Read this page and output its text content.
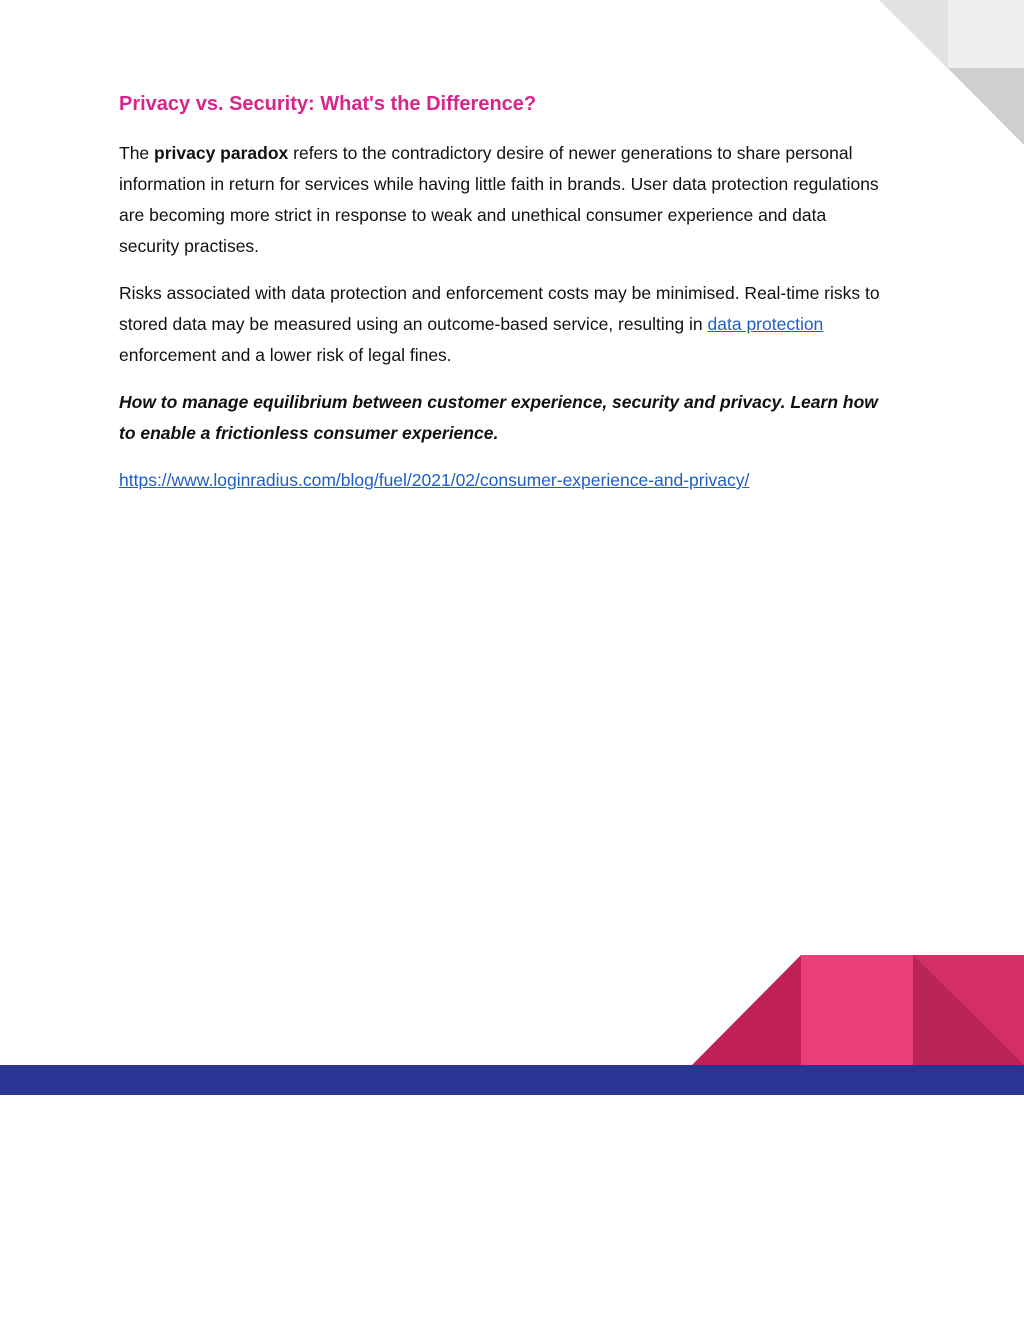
Privacy vs. Security: What's the Difference?

The privacy paradox refers to the contradictory desire of newer generations to share personal information in return for services while having little faith in brands. User data protection regulations are becoming more strict in response to weak and unethical consumer experience and data security practises.

Risks associated with data protection and enforcement costs may be minimised. Real-time risks to stored data may be measured using an outcome-based service, resulting in data protection enforcement and a lower risk of legal fines.

How to manage equilibrium between customer experience, security and privacy. Learn how to enable a frictionless consumer experience.

https://www.loginradius.com/blog/fuel/2021/02/consumer-experience-and-privacy/
